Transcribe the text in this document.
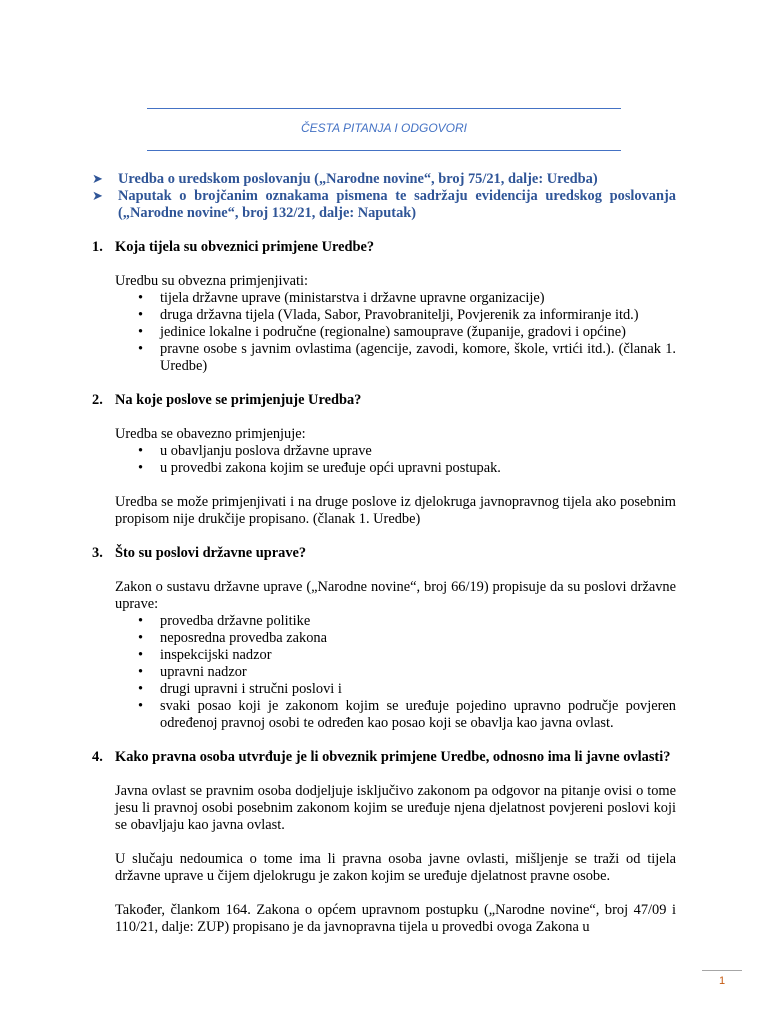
ČESTA PITANJA I ODGOVORI
➤	Uredba o uredskom poslovanju („Narodne novine“, broj 75/21, dalje: Uredba)
➤	Naputak o brojčanim oznakama pismena te sadržaju evidencija uredskog poslovanja („Narodne novine“, broj 132/21, dalje: Naputak)
1. Koja tijela su obveznici primjene Uredbe?
Uredbu su obvezna primjenjivati:
•	tijela državne uprave (ministarstva i državne upravne organizacije)
•	druga državna tijela (Vlada, Sabor, Pravobranitelji, Povjerenik za informiranje itd.)
•	jedinice lokalne i područne (regionalne) samouprave (županije, gradovi i općine)
•	pravne osobe s javnim ovlastima (agencije, zavodi, komore, škole, vrtići itd.). (članak 1. Uredbe)
2. Na koje poslove se primjenjuje Uredba?
Uredba se obavezno primjenjuje:
•	u obavljanju poslova državne uprave
•	u provedbi zakona kojim se uređuje opći upravni postupak.
Uredba se može primjenjivati i na druge poslove iz djelokruga javnopravnog tijela ako posebnim propisom nije drukčije propisano. (članak 1. Uredbe)
3. Što su poslovi državne uprave?
Zakon o sustavu državne uprave („Narodne novine“, broj 66/19) propisuje da su poslovi državne uprave:
•	provedba državne politike
•	neposredna provedba zakona
•	inspekcijski nadzor
•	upravni nadzor
•	drugi upravni i stručni poslovi i
•	svaki posao koji je zakonom kojim se uređuje pojedino upravno područje povjeren određenoj pravnoj osobi te određen kao posao koji se obavlja kao javna ovlast.
4. Kako pravna osoba utvrđuje je li obveznik primjene Uredbe, odnosno ima li javne ovlasti?
Javna ovlast se pravnim osoba dodjeljuje isključivo zakonom pa odgovor na pitanje ovisi o tome jesu li pravnoj osobi posebnim zakonom kojim se uređuje njena djelatnost povjereni poslovi koji se obavljaju kao javna ovlast.
U slučaju nedoumica o tome ima li pravna osoba javne ovlasti, mišljenje se traži od tijela državne uprave u čijem djelokrugu je zakon kojim se uređuje djelatnost pravne osobe.
Također, člankom 164. Zakona o općem upravnom postupku („Narodne novine“, broj 47/09 i 110/21, dalje: ZUP) propisano je da javnopravna tijela u provedbi ovoga Zakona u
1
